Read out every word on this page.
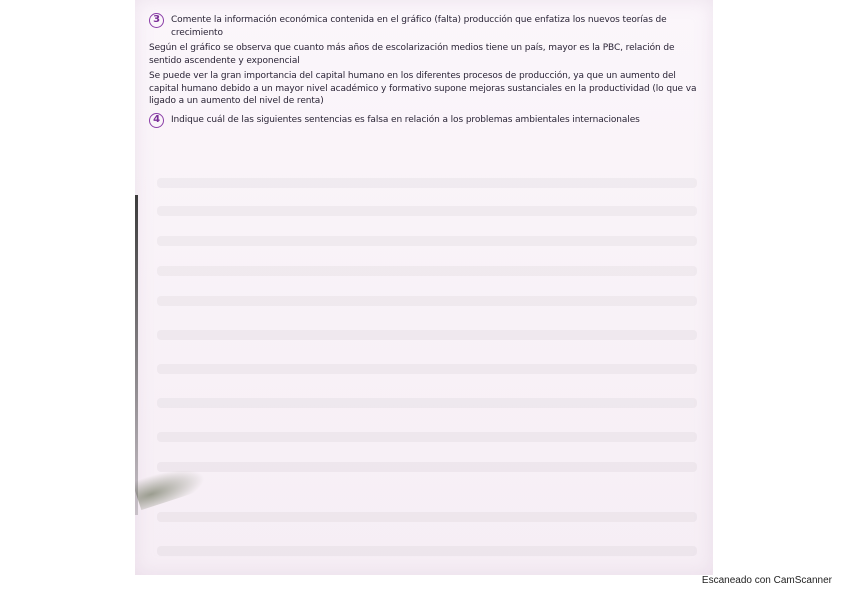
3	Comente la información económica contenida en el gráfico (falta) producción que enfatiza los nuevos teorías de crecimiento
Según el gráfico se observa que cuanto más años de escolarización medios tiene un país, mayor es la PBC, relación de sentido ascendente y exponencial
Se puede ver la gran importancia del capital humano en los diferentes procesos de producción, ya que un aumento del capital humano debido a un mayor nivel académico y formativo supone mejoras sustanciales en la productividad (lo que va ligado a un aumento del nivel de renta)
4	Indique cuál de las siguientes sentencias es falsa en relación a los problemas ambientales internacionales
Escaneado con CamScanner
